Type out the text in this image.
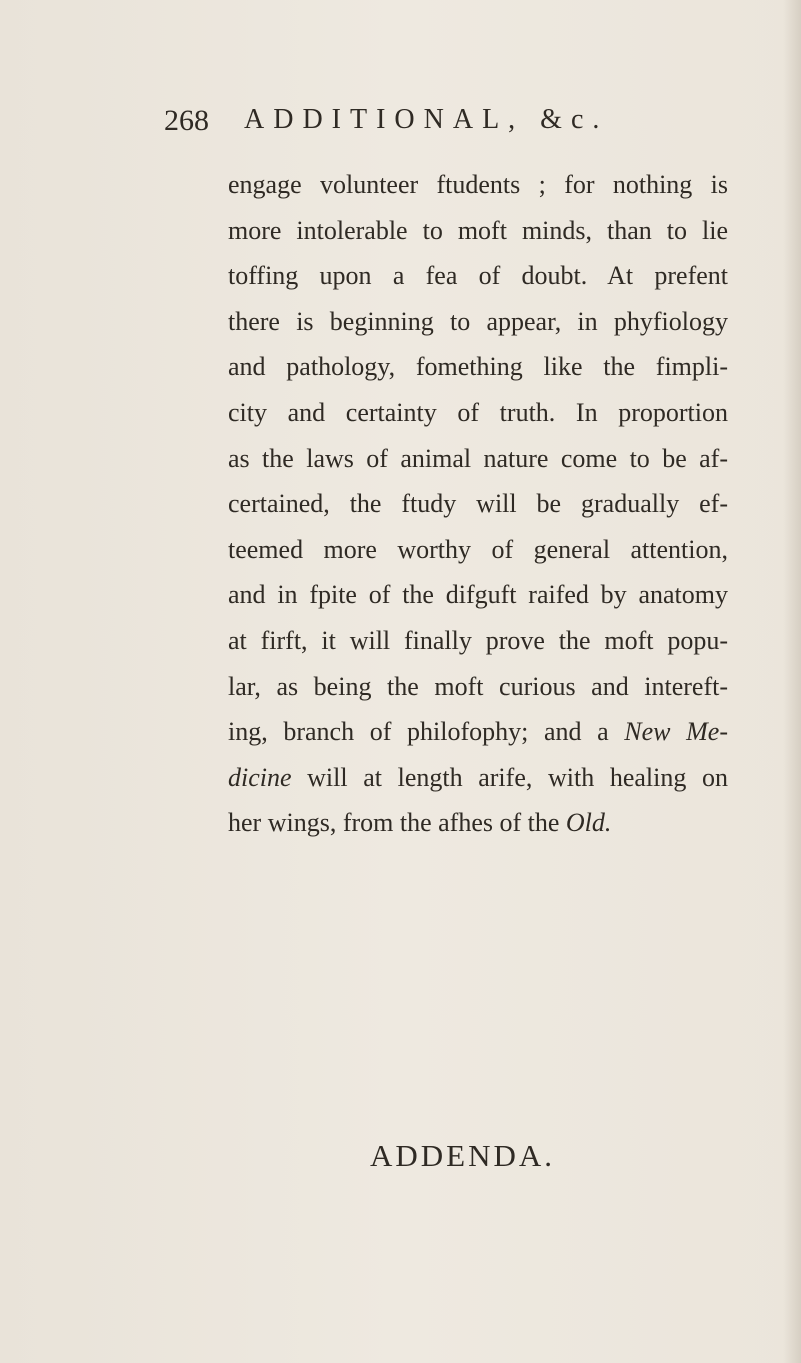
268 ADDITIONAL, &c.
engage volunteer ftudents ; for nothing is
more intolerable to moft minds, than to lie
toffing upon a fea of doubt. At prefent
there is beginning to appear, in phyfiology
and pathology, fomething like the fimpli-
city and certainty of truth. In proportion
as the laws of animal nature come to be af-
certained, the ftudy will be gradually ef-
teemed more worthy of general attention,
and in fpite of the difguft raifed by anatomy
at firft, it will finally prove the moft popu-
lar, as being the moft curious and intereft-
ing, branch of philofophy; and a New Me-
dicine will at length arife, with healing on
her wings, from the afhes of the Old.
ADDENDA.
